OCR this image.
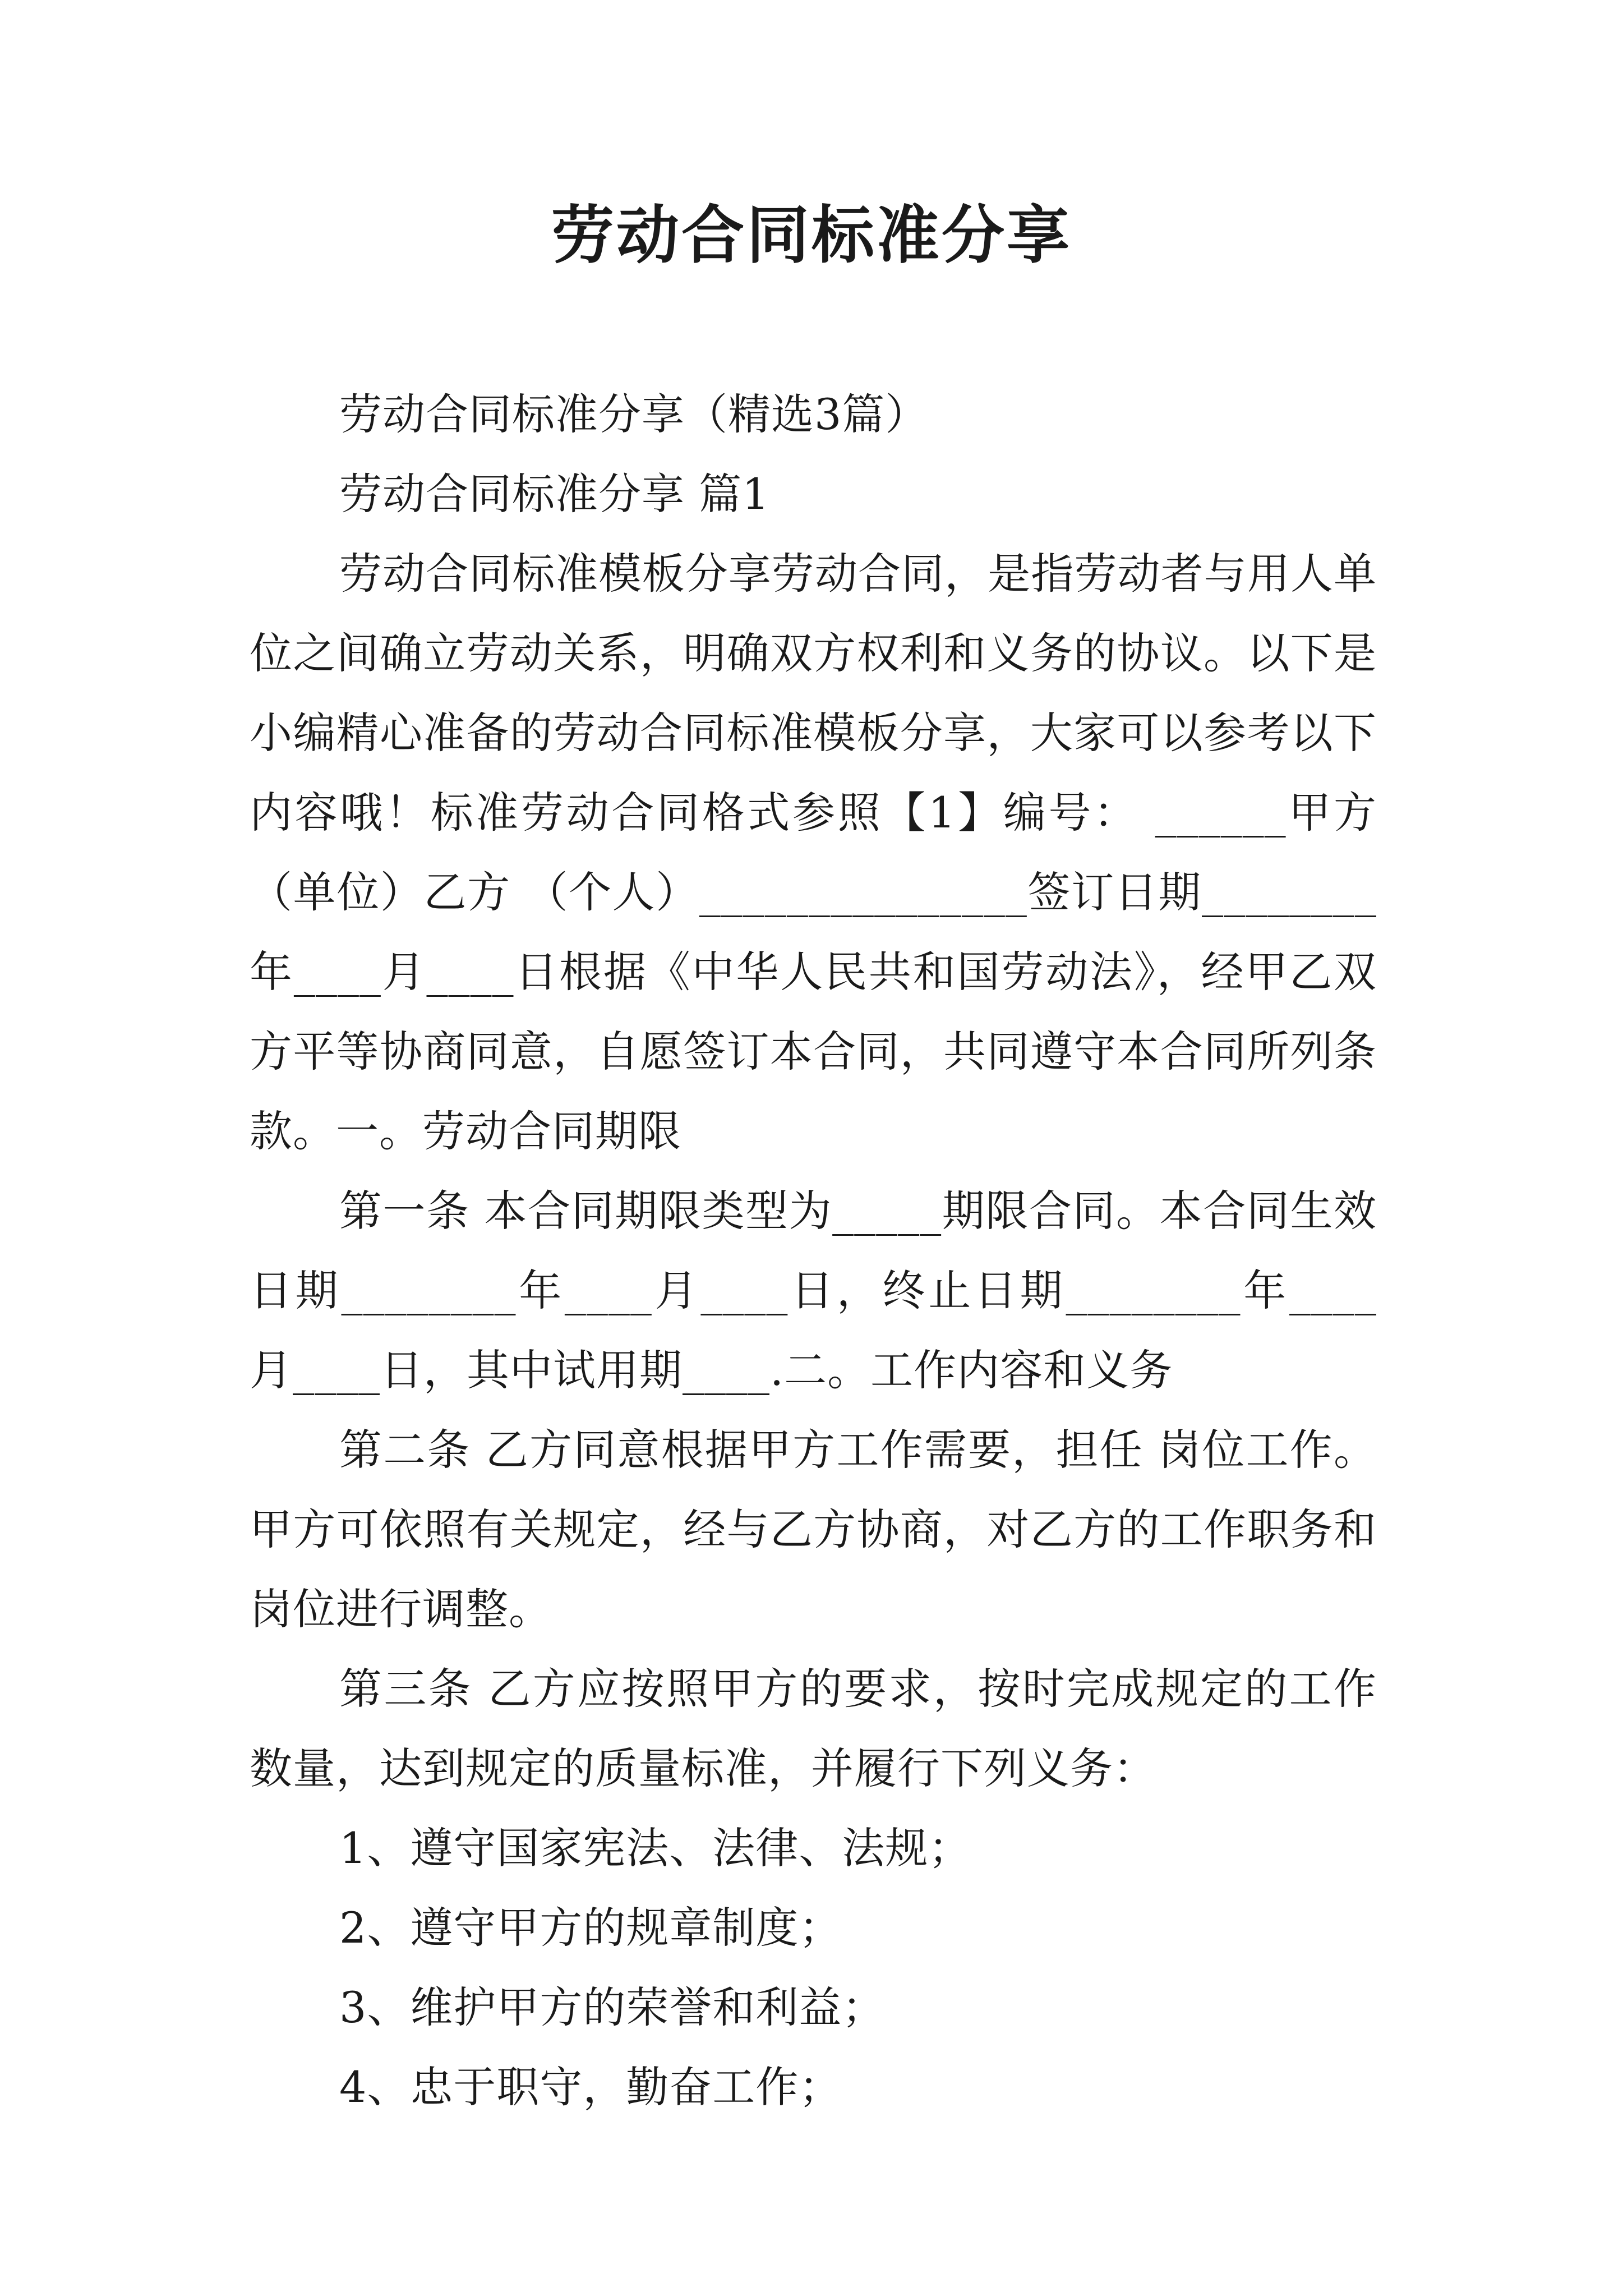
劳动合同标准分享

劳动合同标准分享（精选3篇）

劳动合同标准分享 篇1

劳动合同标准模板分享劳动合同，是指劳动者与用人单位之间确立劳动关系，明确双方权利和义务的协议。以下是小编精心准备的劳动合同标准模板分享，大家可以参考以下内容哦！标准劳动合同格式参照【1】编号： ______甲方（单位）乙方 （个人）_______________签订日期________年____月____日根据《中华人民共和国劳动法》，经甲乙双方平等协商同意，自愿签订本合同，共同遵守本合同所列条款。一。劳动合同期限

第一条 本合同期限类型为_____期限合同。本合同生效日期________年____月____日，终止日期________年____月____日，其中试用期____.二。工作内容和义务

第二条 乙方同意根据甲方工作需要，担任 岗位工作。甲方可依照有关规定，经与乙方协商，对乙方的工作职务和岗位进行调整。

第三条 乙方应按照甲方的要求，按时完成规定的工作数量，达到规定的质量标准，并履行下列义务：

1、遵守国家宪法、法律、法规；

2、遵守甲方的规章制度；

3、维护甲方的荣誉和利益；

4、忠于职守，勤奋工作；
